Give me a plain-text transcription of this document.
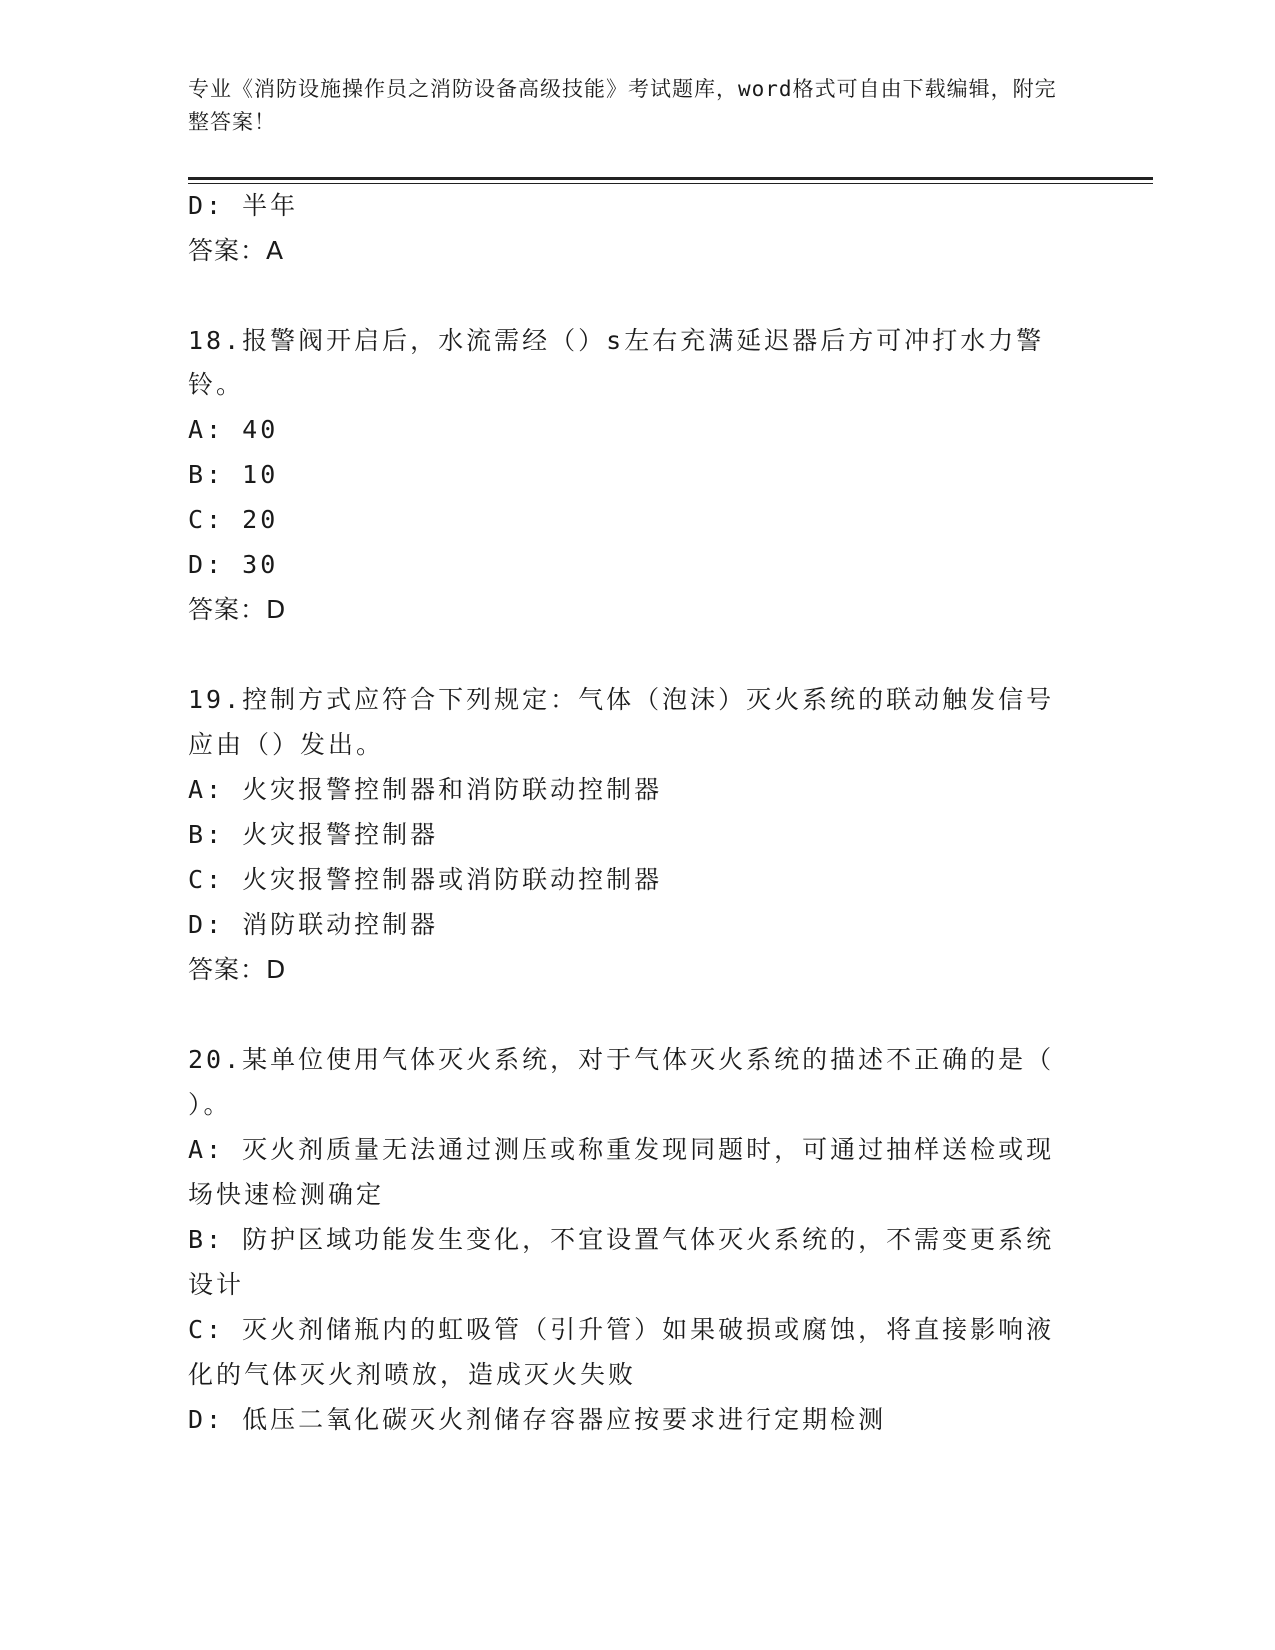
专业《消防设施操作员之消防设备高级技能》考试题库，word格式可自由下载编辑，附完整答案！
D: 半年
答案：A
18.报警阀开启后，水流需经（）s左右充满延迟器后方可冲打水力警
铃。
A: 40
B: 10
C: 20
D: 30
答案：D
19.控制方式应符合下列规定：气体（泡沫）灭火系统的联动触发信号
应由（）发出。
A: 火灾报警控制器和消防联动控制器
B: 火灾报警控制器
C: 火灾报警控制器或消防联动控制器
D: 消防联动控制器
答案：D
20.某单位使用气体灭火系统，对于气体灭火系统的描述不正确的是（
）。
A: 灭火剂质量无法通过测压或称重发现同题时，可通过抽样送检或现
场快速检测确定
B: 防护区域功能发生变化，不宜设置气体灭火系统的，不需变更系统
设计
C: 灭火剂储瓶内的虹吸管（引升管）如果破损或腐蚀，将直接影响液
化的气体灭火剂喷放，造成灭火失败
D: 低压二氧化碳灭火剂储存容器应按要求进行定期检测
